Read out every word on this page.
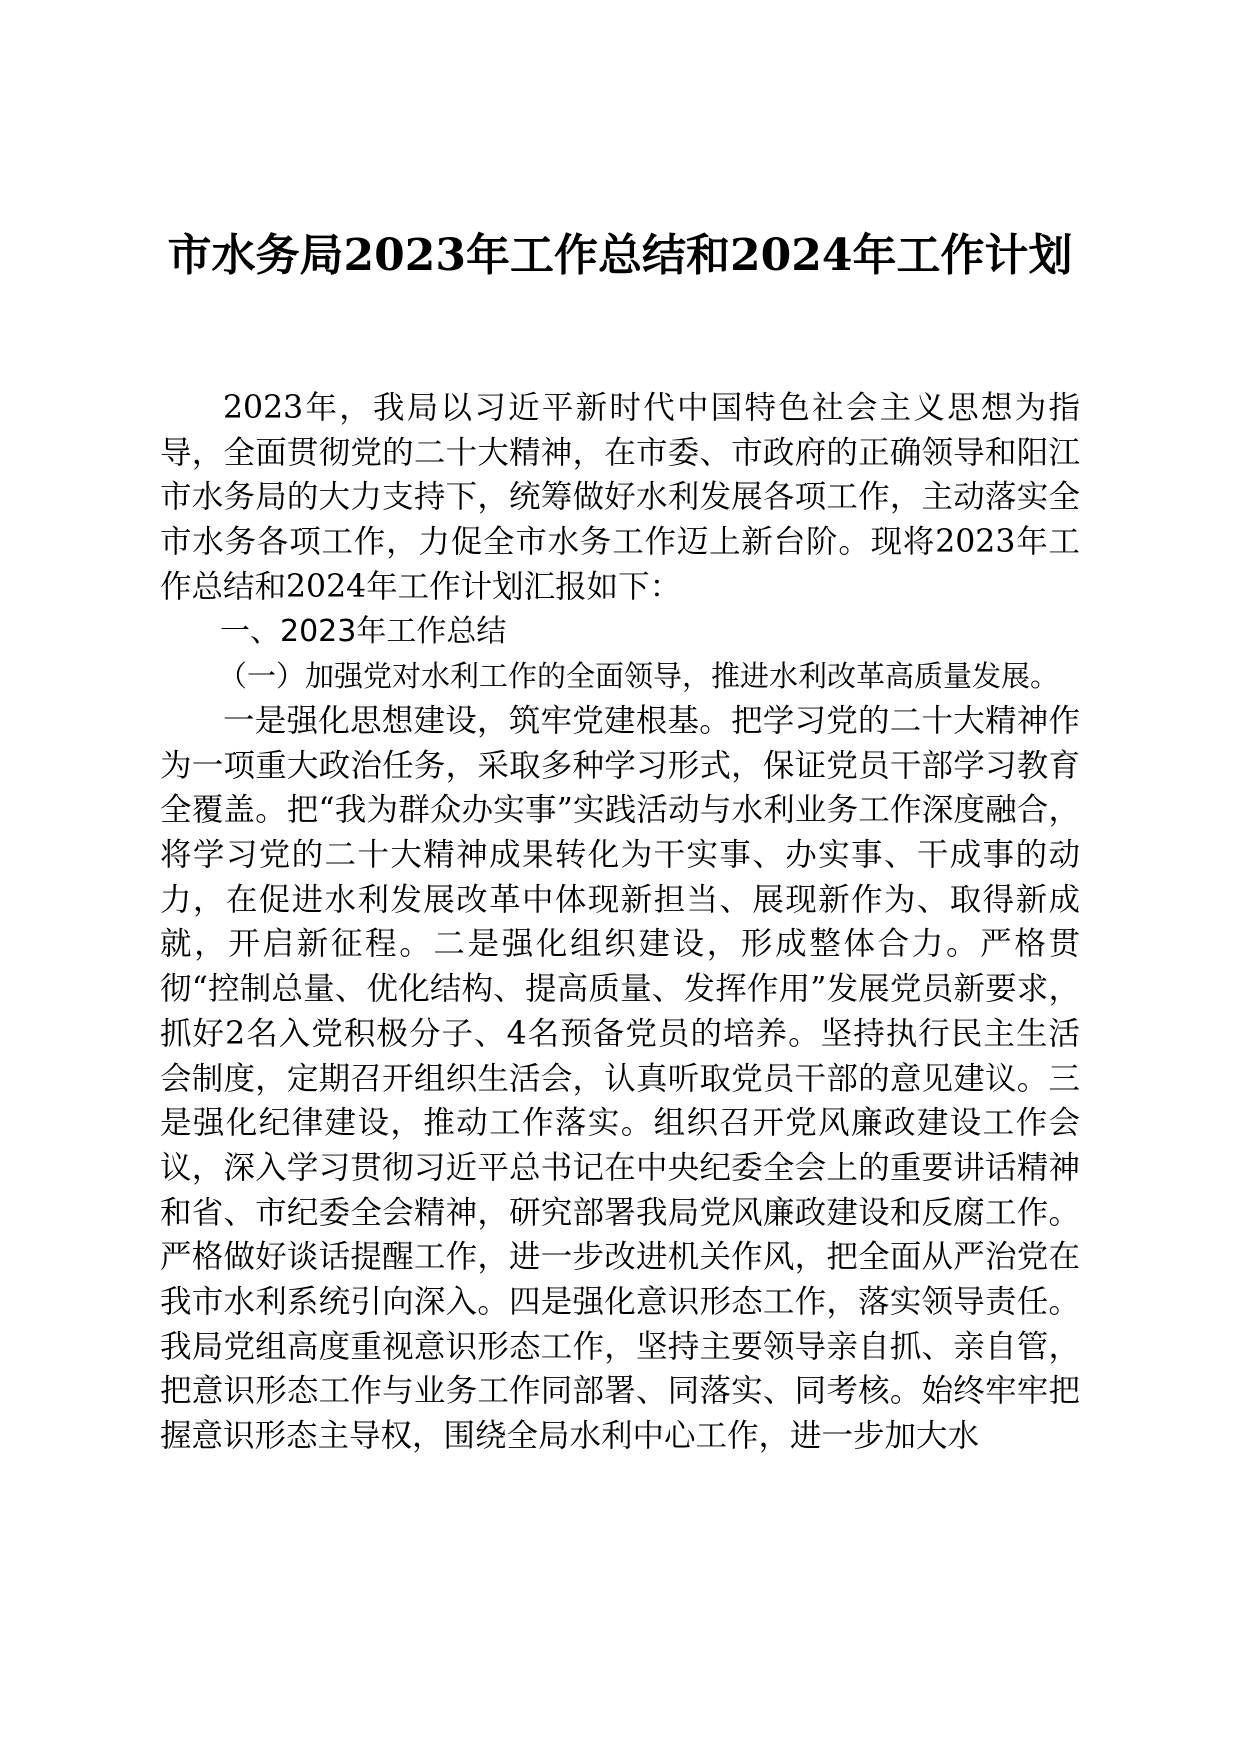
市水务局2023年工作总结和2024年工作计划

2023年，我局以习近平新时代中国特色社会主义思想为指导，全面贯彻党的二十大精神，在市委、市政府的正确领导和阳江市水务局的大力支持下，统筹做好水利发展各项工作，主动落实全市水务各项工作，力促全市水务工作迈上新台阶。现将2023年工作总结和2024年工作计划汇报如下：

一、2023年工作总结

（一）加强党对水利工作的全面领导，推进水利改革高质量发展。

一是强化思想建设，筑牢党建根基。把学习党的二十大精神作为一项重大政治任务，采取多种学习形式，保证党员干部学习教育全覆盖。把“我为群众办实事”实践活动与水利业务工作深度融合，将学习党的二十大精神成果转化为干实事、办实事、干成事的动力，在促进水利发展改革中体现新担当、展现新作为、取得新成就，开启新征程。二是强化组织建设，形成整体合力。严格贯彻“控制总量、优化结构、提高质量、发挥作用”发展党员新要求，抓好2名入党积极分子、4名预备党员的培养。坚持执行民主生活会制度，定期召开组织生活会，认真听取党员干部的意见建议。三是强化纪律建设，推动工作落实。组织召开党风廉政建设工作会议，深入学习贯彻习近平总书记在中央纪委全会上的重要讲话精神和省、市纪委全会精神，研究部署我局党风廉政建设和反腐工作。严格做好谈话提醒工作，进一步改进机关作风，把全面从严治党在我市水利系统引向深入。四是强化意识形态工作，落实领导责任。我局党组高度重视意识形态工作，坚持主要领导亲自抓、亲自管，把意识形态工作与业务工作同部署、同落实、同考核。始终牢牢把握意识形态主导权，围绕全局水利中心工作，进一步加大水
